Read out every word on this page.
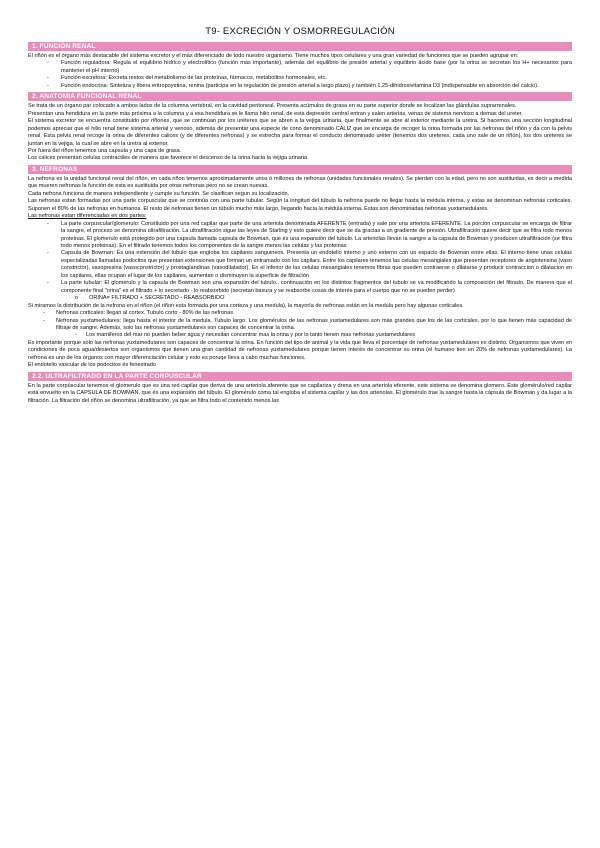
T9- EXCRECIÓN Y OSMORREGULACIÓN
1. FUNCIÓN RENAL

El riñón es el órgano más destacable del sistema excretor y el más diferenciado de todo nuestro organismo. Tiene muchos tipos celulares y una gran variedad de funciones que se pueden agrupar en:

- Función reguladora: Regula el equilibrio hídrico y electrolítico (función más importante), además del equilibrio de presión arterial y equilibrio ácido base (por la orina se secretan los H+ necesarios para mantener el pH interno)
- Función excretora: Excreta restos del metabolismo de las proteínas, fármacos, metabolitos hormonales, etc.
- Función endocrina: Sintetiza y libera eritropoyetina, renina (participa en la regulación de presión arterial a largo plazo) y también 1,25-dihidroxivitamina D3 (indispensable en absorción del calcio).
2. ANATOMIA FUNCIONAL RENAL

Se trata de un órgano par colocado a ambos lados de la columna vertebral, en la cavidad peritoneal. Presenta acúmulos de grasa en su parte superior donde se localizan las glándulas suprarrenales.

Presentan una hendidura en la parte más próxima a la columna y a esa hendidura se le llama hilio renal, de esta depresión central entran y salen arterias, venas de sistema nervioso a demas del ureter.

El sistema excretor se encuentra constituido por riñones, que se continúan por los uréteres que se abren a la vejiga urinaria, que finalmente se abre al exterior mediante la uretra. Si hacemos una sección longitudinal podemos apreciar que el hilio renal tiene sistema arterial y venoso, además de presentar una especie de cono denominado CALIZ que se encarga de recoger la orina formada por las nefronas del riñón y da con la pelvis renal. Esta pelvis renal recoge la orina de diferentes calices (y de diferentes nefronas) y se estrecha para formar el conducto denominado uréter (tenemos dos ureteres, cada uno sale de un riñón), los dos uréteres se juntan en la vejiga, la cual se abre en la uretra al exterior.

Por fuera del riñon tenemos una capsula y una capa de grasa.

Los calices presentan celulas contractiles de manera que favorece el descenso de la orina hacia la vejiga urinaria

3. NEFRONAS

La nefrona es la unidad funcional renal del riñón, en cada riñon tenemos aproximadamente unos ó millones de nefronas (unidades funcionales renales). Se pierden con la edad, pero no son sustituidas, es decir a medida que mueren nefronas la función de esta es sustituida por otras nefronas pero no se crean nuevas.

Cada nefrona funciona de manera independiente y cumple su función. Se clasifican segun su localización.

Las nefronas estan formadas por una parte corpuscular que se continúa con una parte tubular. Según la longitud del túbulo la nefrona puede no llegar hasta la médula interna, y estas se denominan nefronas corticales. Suponen el 80% de las nefronas en humanos. El resto de nefronas tienen un túbulo mucho más largo, llegando hacia la médula interna. Estas son denominadas nefronas yuxtamedulares.

Las nefronas estan diferenciadas en dos partes:

- La parte corpuscular/glomerulo: Constituido por una red capilar que parte de una arteriola denominada AFERENTE (entrada) y sale por una arteriola EFERENTE. La porción corpuscular se encarga de filtrar la sangre, el proceso se denomina ultrafiltración. La ultrafiltración sigue las leyes de Starling y esto quiere decir que se da gracias a un gradiente de presión. Ultrafiltración quiere decir que se filtra todo menos proteinas. El glomerulo está protegido por una capsula llamada capsula de Bowman, que és una expansión del tubulo. La arteriolas llevan la sangre a la capsula de Bowman y producen ultrafiltración (se filtra todo menos proteinas). En el filtrado tenemos todos los componentes de la sangre menos las celulas y las proteinas
- Capsula de Bowman: És una extensión del tubulo que engloba los capilares sanguineos. Presenta un endotelio interno y uno externo con un espacio de Bowman entre ellas. El interno tiene unas celulas especializadas llamadas podocitos que presentan extensiones que forman un entramado con los capilars. Entre los capilares tenemos las celulas mesangiales que presentan receptores de angiotensina (vaso constrictor), vasopresina (vasoconstrictor) y prostaglandinas (vasodilatador). En el inferior de las celulas mesangiales tenemos fibras que pueden contraerse o dilatarse y producir contraccion o dilatacion en los capilares, ellas ocupan el lugar de los capilares, aumentan o disminuyen la superficie de filtración
- La parte tubular: El glomerulo y la capsula de Bowman son una expansión del tubulo.. continuación en los distintos fragmentos del tubulo se va modificando la composición del filtrado. De manera que el componente final "orina" es el filtrado + lo secretado - lo reabsorbido (secretan basura y se reabsorbe cosas de interés para el cuerpo que no se pueden perder)
o ORINA= FILTRADO + SECRETADO - REABSORBIDO

Si miramos la distribución de la nefrona en el riñon (el riñon esta formada por una corteza y una medula), la mayoría de nefronas están en la medula pero hay algunas corticales.

- Nefronas corticales: llegan al cortex. Tubulo corto - 80% de las nefronas
- Nefronas yuxtamedulares: llega hasta el interior de la medula. Tubulo largo. Los glomérulos de las nefronas yuxtamedulares son más grandes que los de las corticales, por lo que tienen más capacidad de filtraje de sangre. Además, solo las nefronas yuxtamedulares son capaces de concentrar la orina.
- Los mamiferos del mar no pueden beber agua y necesitan concentrar mas la orina y por lo tanto tienen mas nefronas yuxtamedulares

Es importante porque solo las nefronas yuxtamedulares son capaces de concentrar la orina. En función del tipo de animal y la vida que lleva el porcentaje de nefronas yuxtamedulares es distinto. Organismos que viven en condiciones de poca agua/desiertos son organismos que tienen una gran cantidad de nefronas yuxtamedulares porque tienen interés de concentrar su orina (el humano tien un 20% de nefronas yuxtamedulares). La nefrona es uno de los órganos con mayor diferenciación celular y esto es poruqe lleva a cabo muchas funciones.

El endotelio vascular de los podocitos és fenestrado

2.2. ULTRAFILTRADO EN LA PARTE CORPUSCULAR

En la parte corpúscular tenemos el glomerulo que es una red capilar que deriva de una arteriola aferente que se capilariza y drena en una arteriola eferente, este sistema se denomina glomero. Este glomérulo/red capilar está envuelto en la CAPSULA DE BOWMAN, que és una expansión del túbulo. El glomérulo coma tal engloba el sistema capilar y las dos arteriolas. El glomérulo trae la sangre hasta la cápsula de Bowman y da lugar a la filtración. La filtración del riñón se denomina ultrafiltración, ya que se filtra todo el contenido menos las
